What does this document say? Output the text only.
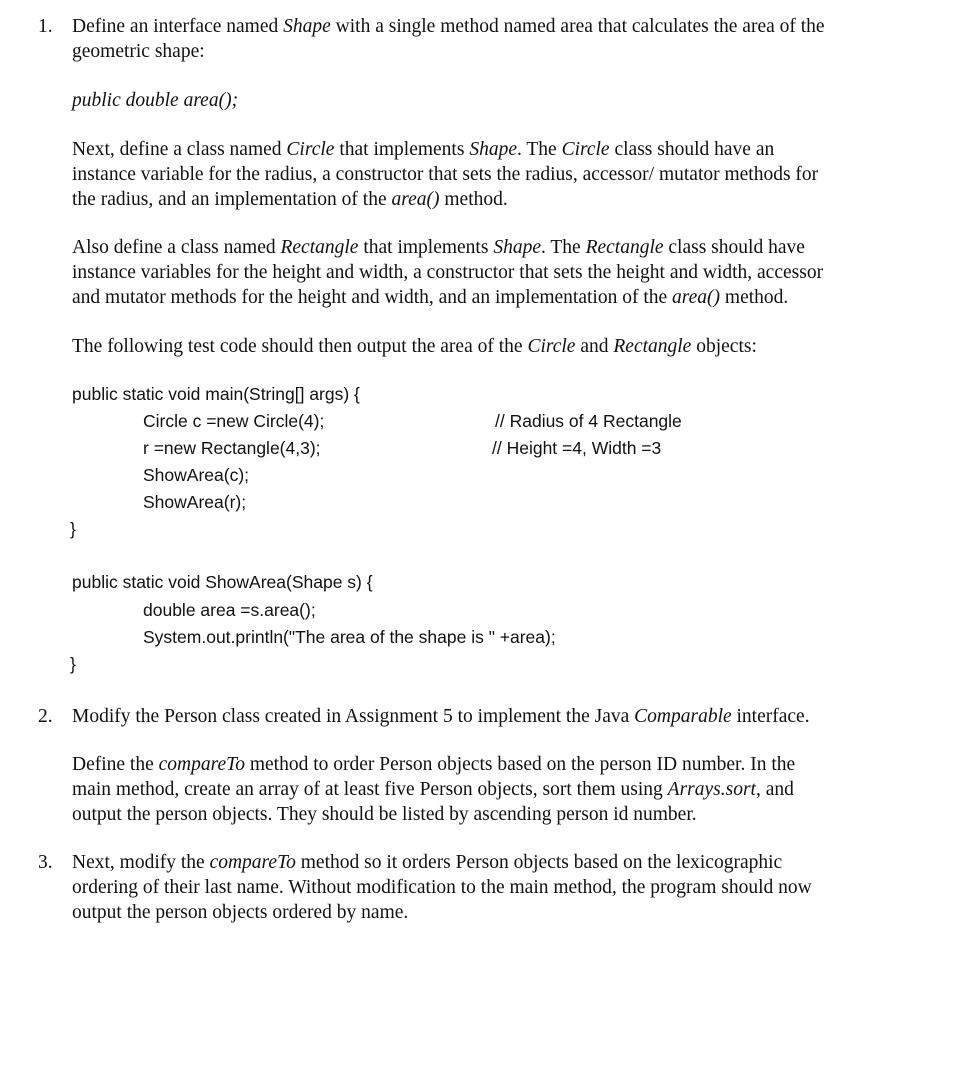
1. Define an interface named Shape with a single method named area that calculates the area of the
geometric shape:
public double area();
Next, define a class named Circle that implements Shape. The Circle class should have an
instance variable for the radius, a constructor that sets the radius, accessor/ mutator methods for
the radius, and an implementation of the area() method.
Also define a class named Rectangle that implements Shape. The Rectangle class should have
instance variables for the height and width, a constructor that sets the height and width, accessor
and mutator methods for the height and width, and an implementation of the area() method.
The following test code should then output the area of the Circle and Rectangle objects:
public static void main(String[] args) {
Circle c =new Circle(4);
r =new Rectangle(4,3);
ShowArea(c);
ShowArea(r);
// Radius of 4 Rectangle
// Height =4, Width =3
}
public static void ShowArea(Shape s) {
double area =s.area();
System.out.println("The area of the shape is " +area);
}
2. Modify the Person class created in Assignment 5 to implement the Java Comparable interface.
Define the compareTo method to order Person objects based on the person ID number. In the
main method, create an array of at least five Person objects, sort them using Arrays.sort, and
output the person objects. They should be listed by ascending person id number.
3. Next, modify the compareTo method so it orders Person objects based on the lexicographic
ordering of their last name. Without modification to the main method, the program should now
output the person objects ordered by name.
